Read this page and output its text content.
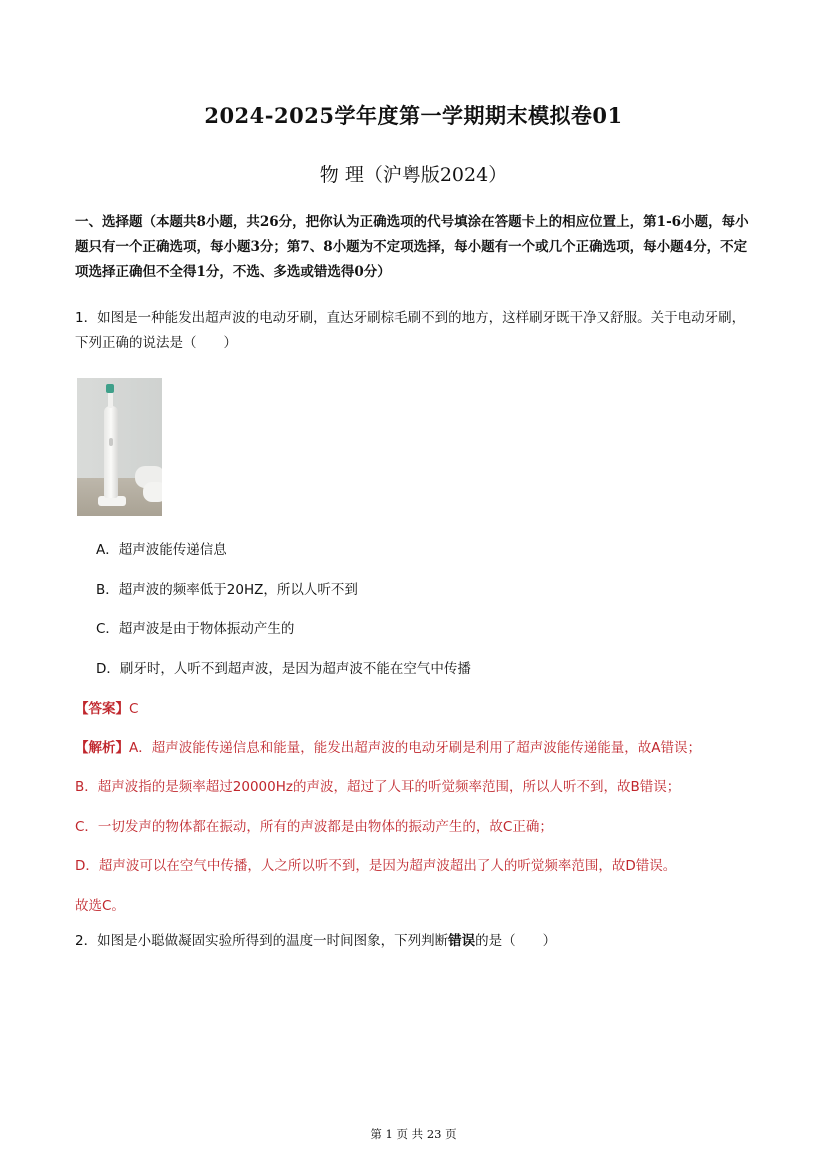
2024-2025学年度第一学期期末模拟卷01
物 理（沪粤版2024）
一、选择题（本题共8小题，共26分，把你认为正确选项的代号填涂在答题卡上的相应位置上，第1-6小题，每小题只有一个正确选项，每小题3分；第7、8小题为不定项选择，每小题有一个或几个正确选项，每小题4分，不定项选择正确但不全得1分，不选、多选或错选得0分）
1．如图是一种能发出超声波的电动牙刷，直达牙刷棕毛刷不到的地方，这样刷牙既干净又舒服。关于电动牙刷，下列正确的说法是（　　）
A．超声波能传递信息
B．超声波的频率低于20HZ，所以人听不到
C．超声波是由于物体振动产生的
D．刷牙时，人听不到超声波，是因为超声波不能在空气中传播
【答案】C
【解析】A．超声波能传递信息和能量，能发出超声波的电动牙刷是利用了超声波能传递能量，故A错误；
B．超声波指的是频率超过20000Hz的声波，超过了人耳的听觉频率范围，所以人听不到，故B错误；
C．一切发声的物体都在振动，所有的声波都是由物体的振动产生的，故C正确；
D．超声波可以在空气中传播，人之所以听不到，是因为超声波超出了人的听觉频率范围，故D错误。
故选C。
2．如图是小聪做凝固实验所得到的温度一时间图象，下列判断错误的是（　　）
第 1 页 共 23 页
